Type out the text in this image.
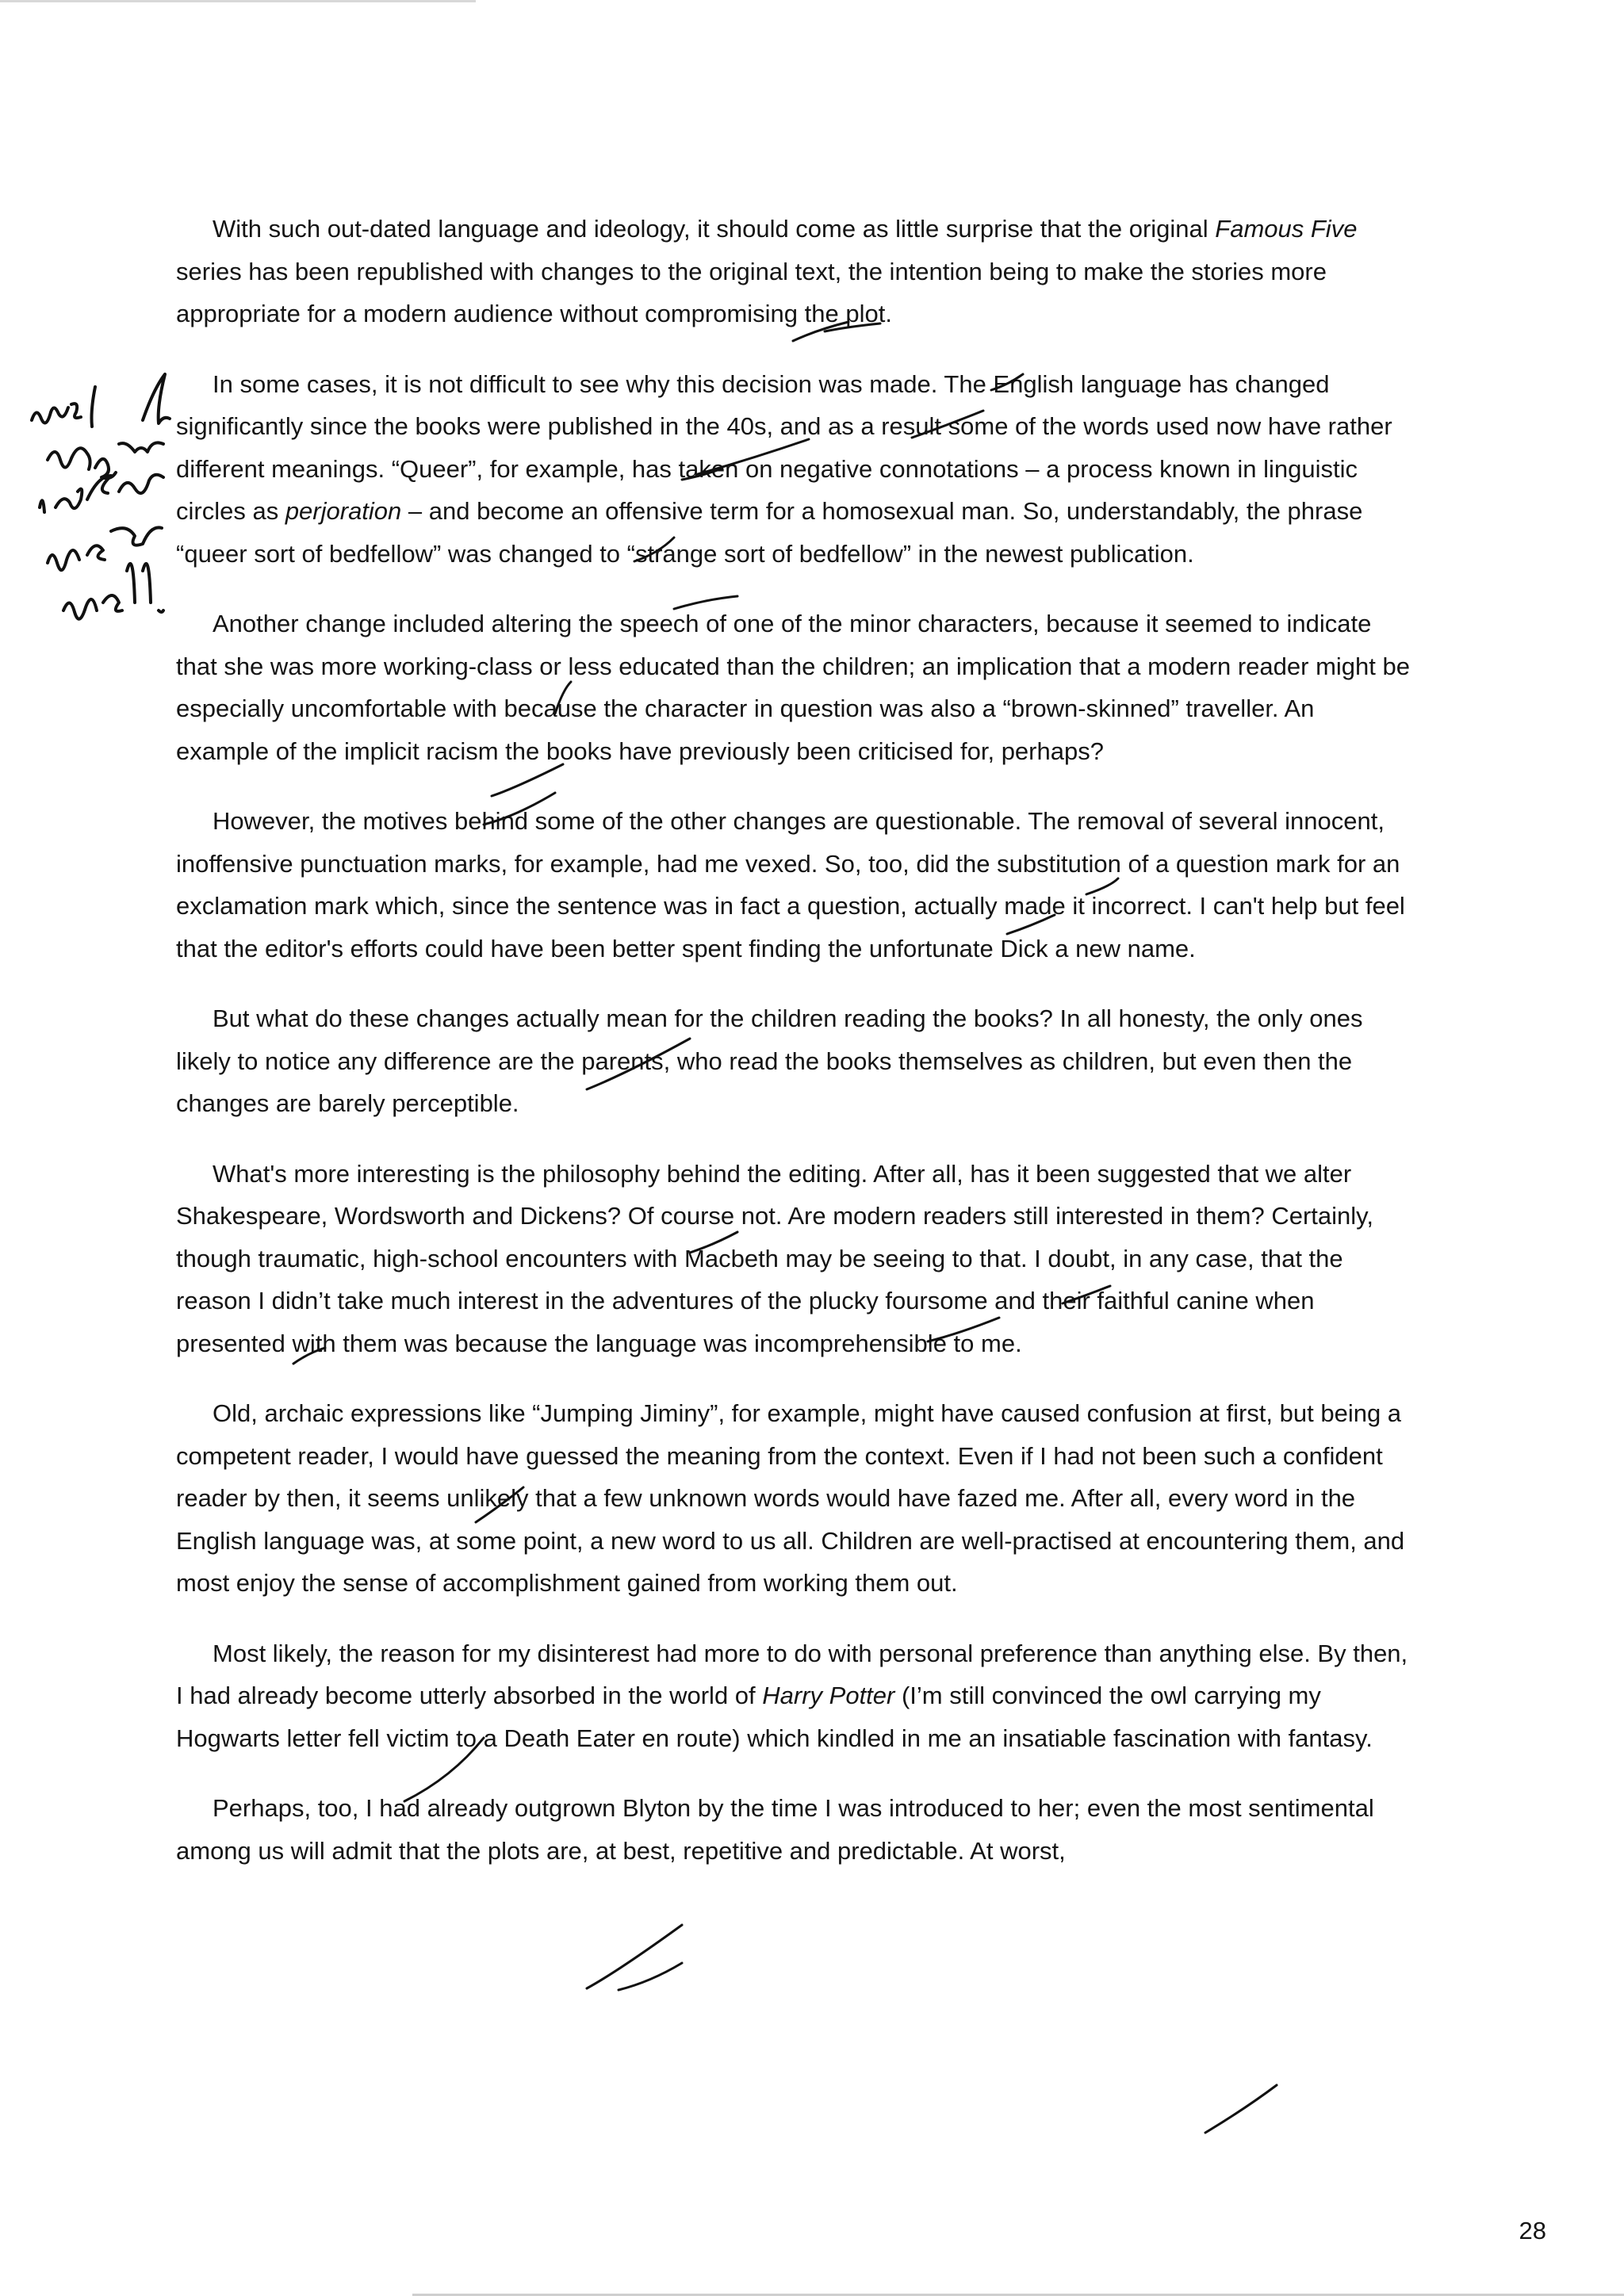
With such out-dated language and ideology, it should come as little surprise that the original Famous Five series has been republished with changes to the original text, the intention being to make the stories more appropriate for a modern audience without compromising the plot.

In some cases, it is not difficult to see why this decision was made. The English language has changed significantly since the books were published in the 40s, and as a result some of the words used now have rather different meanings. “Queer”, for example, has taken on negative connotations – a process known in linguistic circles as perjoration – and become an offensive term for a homosexual man. So, understandably, the phrase “queer sort of bedfellow” was changed to “strange sort of bedfellow” in the newest publication.

Another change included altering the speech of one of the minor characters, because it seemed to indicate that she was more working-class or less educated than the children; an implication that a modern reader might be especially uncomfortable with because the character in question was also a “brown-skinned” traveller. An example of the implicit racism the books have previously been criticised for, perhaps?

However, the motives behind some of the other changes are questionable. The removal of several innocent, inoffensive punctuation marks, for example, had me vexed. So, too, did the substitution of a question mark for an exclamation mark which, since the sentence was in fact a question, actually made it incorrect. I can't help but feel that the editor's efforts could have been better spent finding the unfortunate Dick a new name.

But what do these changes actually mean for the children reading the books? In all honesty, the only ones likely to notice any difference are the parents, who read the books themselves as children, but even then the changes are barely perceptible.

What's more interesting is the philosophy behind the editing. After all, has it been suggested that we alter Shakespeare, Wordsworth and Dickens? Of course not. Are modern readers still interested in them? Certainly, though traumatic, high-school encounters with Macbeth may be seeing to that. I doubt, in any case, that the reason I didn’t take much interest in the adventures of the plucky foursome and their faithful canine when presented with them was because the language was incomprehensible to me.

Old, archaic expressions like “Jumping Jiminy”, for example, might have caused confusion at first, but being a competent reader, I would have guessed the meaning from the context. Even if I had not been such a confident reader by then, it seems unlikely that a few unknown words would have fazed me. After all, every word in the English language was, at some point, a new word to us all. Children are well-practised at encountering them, and most enjoy the sense of accomplishment gained from working them out.

Most likely, the reason for my disinterest had more to do with personal preference than anything else. By then, I had already become utterly absorbed in the world of Harry Potter (I’m still convinced the owl carrying my Hogwarts letter fell victim to a Death Eater en route) which kindled in me an insatiable fascination with fantasy.

Perhaps, too, I had already outgrown Blyton by the time I was introduced to her; even the most sentimental among us will admit that the plots are, at best, repetitive and predictable. At worst,

28
